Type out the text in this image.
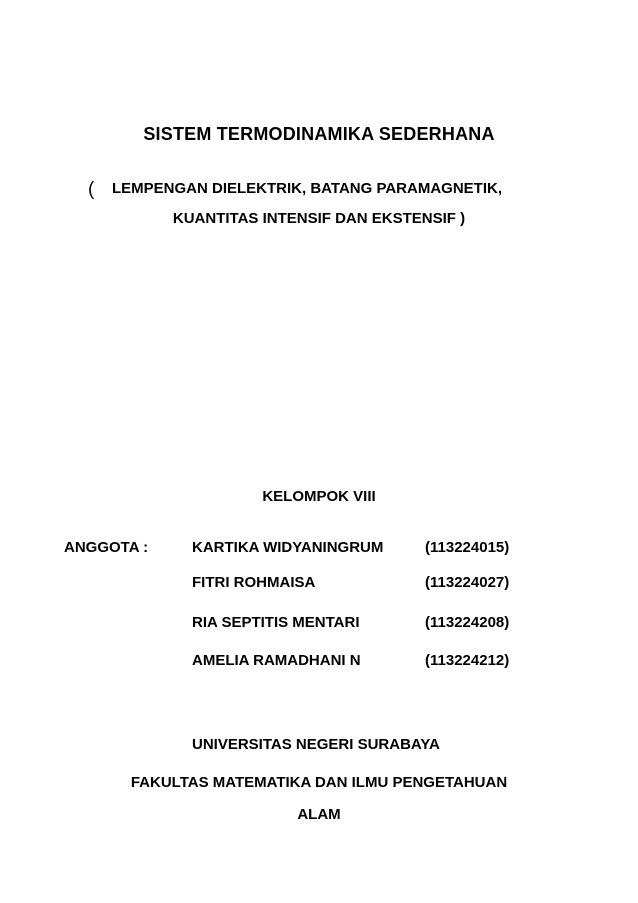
SISTEM TERMODINAMIKA SEDERHANA
( LEMPENGAN DIELEKTRIK, BATANG PARAMAGNETIK,
KUANTITAS INTENSIF DAN EKSTENSIF )
KELOMPOK VIII
ANGGOTA :	KARTIKA WIDYANINGRUM	(113224015)
FITRI ROHMAISA	(113224027)
RIA SEPTITIS MENTARI	(113224208)
AMELIA RAMADHANI N	(113224212)
UNIVERSITAS NEGERI SURABAYA
FAKULTAS MATEMATIKA DAN ILMU PENGETAHUAN
ALAM
